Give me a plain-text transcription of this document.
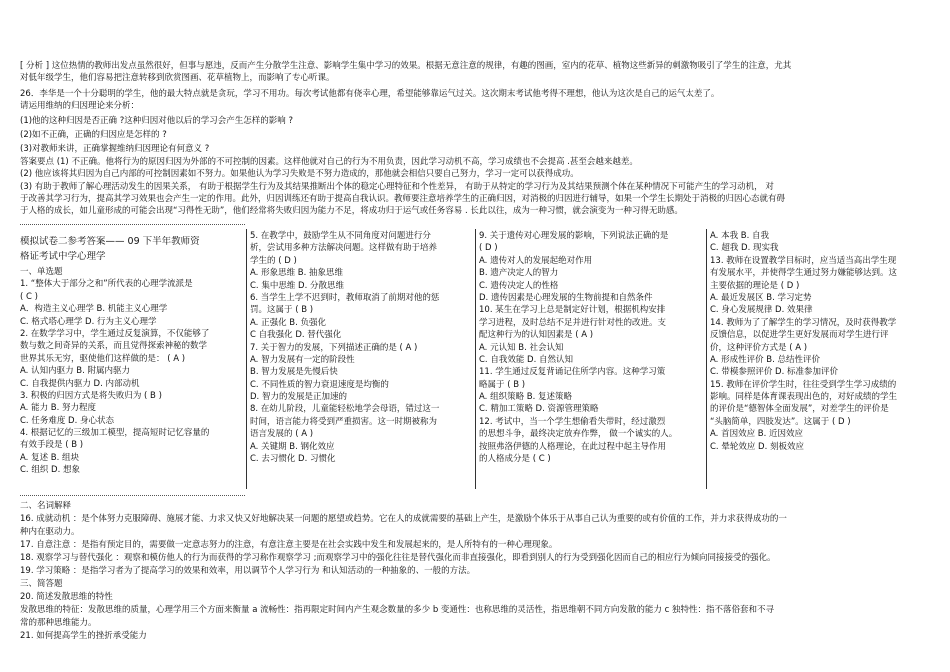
[ 分析 ] 这位热情的教师出发点虽然很好，但事与愿违，反而产生分散学生注意、影响学生集中学习的效果。根据无意注意的规律，有趣的图画，室内的花草、植物这些新异的刺激物吸引了学生的注意，尤其
对低年级学生，他们容易把注意转移到欣赏图画、花草植物上，而影响了专心听课。
26．李华是一个十分聪明的学生，他的最大特点就是贪玩，学习不用功。每次考试他都有侥幸心理，希望能够靠运气过关。这次期末考试他考得不理想，他认为这次是自己的运气太差了。
请运用维纳的归因理论来分析：
(1)他的这种归因是否正确 ?这种归因对他以后的学习会产生怎样的影响 ?
(2)如不正确，正确的归因应是怎样的 ?
(3)对教师来讲，正确掌握维纳归因理论有何意义 ?
答案要点 (1) 不正确。他将行为的原因归因为外部的不可控制的因素。这样他就对自己的行为不用负责，因此学习动机不高，学习成绩也不会提高 .甚至会越来越差。
(2) 他应该将其归因为自己内部的可控制因素如不努力。如果他认为学习失败是不努力造成的，那他就会相信只要自己努力，学习一定可以获得成功。
(3) 有助于教师了解心理活动发生的因果关系， 有助于根据学生行为及其结果推断出个体的稳定心理特征和个性差异， 有助于从特定的学习行为及其结果预测个体在某种情况下可能产生的学习动机， 对
于改善其学习行为，提高其学习效果也会产生一定的作用。此外，归因训练还有助于提高自我认识。教师要注意培养学生的正确归因，对消极的归因进行辅导，如果一个学生长期处于消极的归因心态就有碍
于人格的成长，如儿童形成的可能会出现“习得性无助”，他们经常将失败归因为能力不足，将成功归于运气或任务容易 . 长此以往，成为一种习惯，就会演变为一种习得无助感。
模拟试卷二参考答案—— 09 下半年教师资
格证考试中学心理学
一、单选题
1. “整体大于部分之和”所代表的心理学流派是
( C )
A．构造主义心理学 B. 机能主义心理学
C. 格式塔心理学 D. 行为主义心理学
2. 在数学学习中，学生通过反复演算，不仅能够了
数与数之间奇异的关系，而且觉得探索神秘的数学
世界其乐无穷，驱使他们这样做的是： ( A )
A. 认知内驱力 B. 附属内驱力
C. 自我提供内驱力 D. 内部动机
3. 积极的归因方式是将失败归为 ( B )
A. 能力 B. 努力程度
C. 任务难度 D. 身心状态
4. 根据记忆的三级加工模型，提高短时记忆容量的
有效手段是 ( B )
A. 复述 B. 组块
C. 组织 D. 想象
5. 在教学中，鼓励学生从不同角度对问题进行分
析，尝试用多种方法解决问题。这样做有助于培养
学生的 ( D )
A. 形象思维 B. 抽象思维
C. 集中思维 D. 分散思维
6. 当学生上学不迟到时，教师取消了前期对他的惩
罚。这属于 ( B )
A. 正强化 B. 负强化
C 自我强化 D. 替代强化
7. 关于智力的发展，下列描述正确的是 ( A )
A. 智力发展有一定的阶段性
B. 智力发展是先慢后快
C. 不同性质的智力衰退速度是均衡的
D. 智力的发展是正加速的
8. 在幼儿阶段，儿童能轻松地学会母语，错过这一
时间，语言能力将受到严重损害。这一时期被称为
语言发展的 ( A )
A. 关键期 B. 钢化效应
C. 去习惯化 D. 习惯化
9. 关于遗传对心理发展的影响，下列说法正确的是
( D )
A. 遗传对人的发展起绝对作用
B. 遗产决定人的智力
C. 遗传决定人的性格
D. 遗传因素是心理发展的生物前提和自然条件
10. 某生在学习上总是制定好计划，根据机构安排
学习进程，及时总结不足并进行针对性的改进。支
配这种行为的认知因素是 ( A )
A. 元认知 B. 社会认知
C. 自我效能 D. 自然认知
11. 学生通过反复背诵记住所学内容。这种学习策
略属于 ( B )
A. 组织策略 B. 复述策略
C. 精加工策略 D. 资源管理策略
12. 考试中，当一个学生想偷看失带时，经过激烈
的思想斗争，最终决定放弃作弊， 做一个诚实的人。
按照弗洛伊德的人格理论，在此过程中起主导作用
的人格成分是 ( C )
A. 本我 B. 自我
C. 超我 D. 现实我
13. 教师在设置教学目标时，应当适当高出学生现
有发展水平，并使得学生通过努力嫌能够达到。这
主要依据的理论是 ( D )
A. 最近发展区 B. 学习定势
C. 身心发展规律 D. 效果律
14. 教师为了了解学生的学习情况，及时获得教学
反馈信息，以促进学生更好发展而对学生进行评
价，这种评价方式是 ( A )
A. 形成性评价 B. 总结性评价
C. 带模参照评价 D. 标准参加评价
15. 教师在评价学生时，往往受到学生学习成绩的
影响。同样是体育课表现出色的，对好成绩的学生
的评价是“德智体全面发展”，对差学生的评价是
“头脑简单，四肢发达”。这属于 ( D )
A. 首因效应 B. 近因效应
C. 晕轮效应 D. 刻板效应
二、名词解释
16. 成就动机 ：是个体努力克服障碍、施展才能、力求又快又好地解决某一问题的愿望或趋势。它在人的成就需要的基础上产生，是激励个体乐于从事自己认为重要的或有价值的工作，并力求获得成功的一
种内在驱动力。
17. 自意注意 ：是指有预定目的，需要做一定意志努力的注意，有意注意主要是在社会实践中发生和发展起来的，是人所特有的一种心理现象。
18. 观察学习与替代强化 ：观察和模仿他人的行为而获得的学习称作观察学习 ;而观察学习中的强化往往是替代强化而非直接强化，即看到别人的行为受到强化因而自己的相应行为倾向同接接受的强化。
19. 学习策略 ：是指学习者为了提高学习的效果和效率，用以调节个人学习行为 和认知活动的一种抽象的、一般的方法。
三、简答题
20. 简述发散思维的特性
发散思维的特征：发散思维的质量，心理学用三个方面来衡量 a 流畅性：指再限定时间内产生观念数量的多少 b 变通性：也称思维的灵活性，指思维朝不同方向发散的能力 c 独特性：指不落俗套和不寻
常的那种思维能力。
21. 如何提高学生的挫折承受能力
